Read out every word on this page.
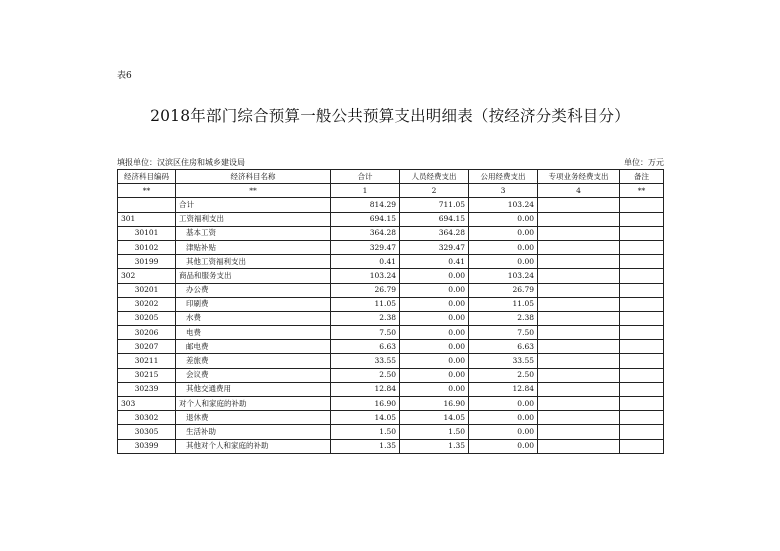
表6
2018年部门综合预算一般公共预算支出明细表（按经济分类科目分）
填报单位：汉滨区住房和城乡建设局	单位：万元
经济科目编码	经济科目名称	合计	人员经费支出	公用经费支出	专项业务经费支出	备注
**	**	1	2	3	4	**
	合计	814.29	711.05	103.24		
301	工资福利支出	694.15	694.15	0.00		
30101	基本工资	364.28	364.28	0.00		
30102	津贴补贴	329.47	329.47	0.00		
30199	其他工资福利支出	0.41	0.41	0.00		
302	商品和服务支出	103.24	0.00	103.24		
30201	办公费	26.79	0.00	26.79		
30202	印刷费	11.05	0.00	11.05		
30205	水费	2.38	0.00	2.38		
30206	电费	7.50	0.00	7.50		
30207	邮电费	6.63	0.00	6.63		
30211	差旅费	33.55	0.00	33.55		
30215	会议费	2.50	0.00	2.50		
30239	其他交通费用	12.84	0.00	12.84		
303	对个人和家庭的补助	16.90	16.90	0.00		
30302	退休费	14.05	14.05	0.00		
30305	生活补助	1.50	1.50	0.00		
30399	其他对个人和家庭的补助	1.35	1.35	0.00		
